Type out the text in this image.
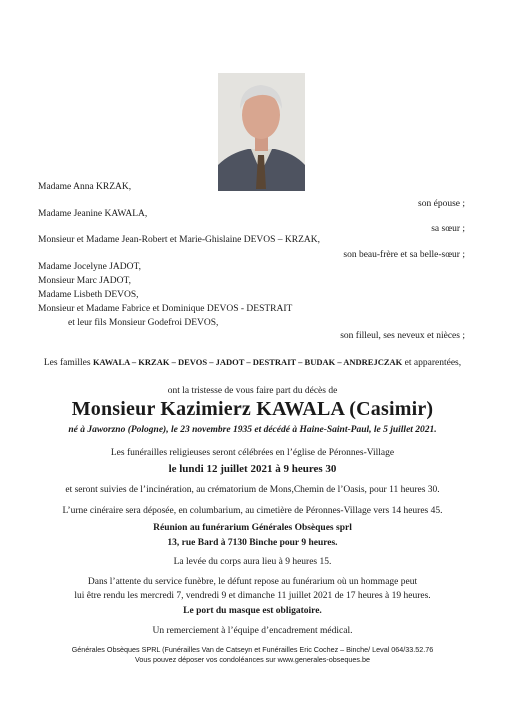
Madame Anna KRZAK,
son épouse ;
Madame Jeanine KAWALA,
sa sœur ;
Monsieur et Madame Jean-Robert et Marie-Ghislaine DEVOS – KRZAK,
son beau-frère et sa belle-sœur ;
Madame Jocelyne JADOT,
Monsieur Marc JADOT,
Madame Lisbeth DEVOS,
Monsieur et Madame Fabrice et Dominique DEVOS - DESTRAIT
et leur fils Monsieur Godefroi DEVOS,
son filleul, ses neveux et nièces ;
Les familles KAWALA – KRZAK – DEVOS – JADOT – DESTRAIT – BUDAK – ANDREJCZAK et apparentées,
ont la tristesse de vous faire part du décès de
Monsieur Kazimierz KAWALA (Casimir)
né à Jaworzno (Pologne), le 23 novembre 1935 et décédé à Haine-Saint-Paul, le 5 juillet 2021.
Les funérailles religieuses seront célébrées en l’église de Péronnes-Village
le lundi 12 juillet 2021 à 9 heures 30
et seront suivies de l’incinération, au crématorium de Mons,Chemin de l’Oasis, pour 11 heures 30.
L’urne cinéraire sera déposée, en columbarium, au cimetière de Péronnes-Village vers 14 heures 45.
Réunion au funérarium Générales Obsèques sprl
13, rue Bard à 7130 Binche pour 9 heures.
La levée du corps aura lieu à 9 heures 15.
Dans l’attente du service funèbre, le défunt repose au funérarium où un hommage peut
lui être rendu les mercredi 7, vendredi 9 et dimanche 11 juillet 2021 de 17 heures à 19 heures.
Le port du masque est obligatoire.
Un remerciement à l’équipe d’encadrement médical.
Générales Obsèques SPRL (Funérailles Van de Catseyn et Funérailles Eric Cochez – Binche/ Leval 064/33.52.76
Vous pouvez déposer vos condoléances sur www.generales-obseques.be
